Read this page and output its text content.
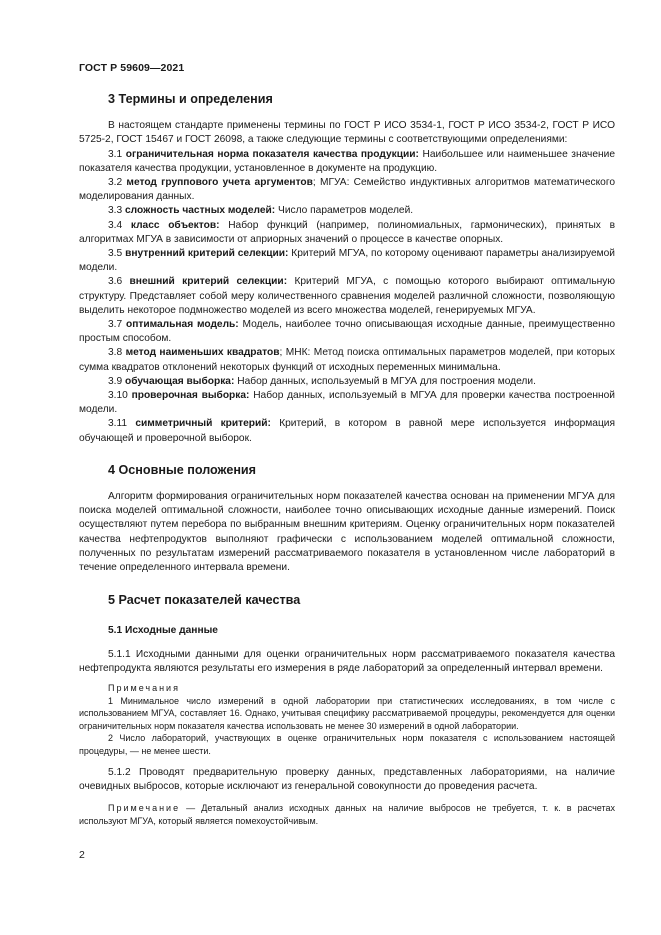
ГОСТ Р 59609—2021
3 Термины и определения

В настоящем стандарте применены термины по ГОСТ Р ИСО 3534-1, ГОСТ Р ИСО 3534-2, ГОСТ Р ИСО 5725-2, ГОСТ 15467 и ГОСТ 26098, а также следующие термины с соответствующими определениями:

3.1 ограничительная норма показателя качества продукции: Наибольшее или наименьшее значение показателя качества продукции, установленное в документе на продукцию.

3.2 метод группового учета аргументов; МГУА: Семейство индуктивных алгоритмов математического моделирования данных.

3.3 сложность частных моделей: Число параметров моделей.

3.4 класс объектов: Набор функций (например, полиномиальных, гармонических), принятых в алгоритмах МГУА в зависимости от априорных значений о процессе в качестве опорных.

3.5 внутренний критерий селекции: Критерий МГУА, по которому оценивают параметры анализируемой модели.

3.6 внешний критерий селекции: Критерий МГУА, с помощью которого выбирают оптимальную структуру. Представляет собой меру количественного сравнения моделей различной сложности, позволяющую выделить некоторое подмножество моделей из всего множества моделей, генерируемых МГУА.

3.7 оптимальная модель: Модель, наиболее точно описывающая исходные данные, преимущественно простым способом.

3.8 метод наименьших квадратов; МНК: Метод поиска оптимальных параметров моделей, при которых сумма квадратов отклонений некоторых функций от исходных переменных минимальна.

3.9 обучающая выборка: Набор данных, используемый в МГУА для построения модели.

3.10 проверочная выборка: Набор данных, используемый в МГУА для проверки качества построенной модели.

3.11 симметричный критерий: Критерий, в котором в равной мере используется информация обучающей и проверочной выборок.

4 Основные положения

Алгоритм формирования ограничительных норм показателей качества основан на применении МГУА для поиска моделей оптимальной сложности, наиболее точно описывающих исходные данные измерений. Поиск осуществляют путем перебора по выбранным внешним критериям. Оценку ограничительных норм показателей качества нефтепродуктов выполняют графически с использованием моделей оптимальной сложности, полученных по результатам измерений рассматриваемого показателя в установленном числе лабораторий в течение определенного интервала времени.

5 Расчет показателей качества
5.1 Исходные данные

5.1.1 Исходными данными для оценки ограничительных норм рассматриваемого показателя качества нефтепродукта являются результаты его измерения в ряде лабораторий за определенный интервал времени.

Примечания

1 Минимальное число измерений в одной лаборатории при статистических исследованиях, в том числе с использованием МГУА, составляет 16. Однако, учитывая специфику рассматриваемой процедуры, рекомендуется для оценки ограничительных норм показателя качества использовать не менее 30 измерений в одной лаборатории.

2 Число лабораторий, участвующих в оценке ограничительных норм показателя с использованием настоящей процедуры, — не менее шести.

5.1.2 Проводят предварительную проверку данных, представленных лабораториями, на наличие очевидных выбросов, которые исключают из генеральной совокупности до проведения расчета.

Примечание — Детальный анализ исходных данных на наличие выбросов не требуется, т. к. в расчетах используют МГУА, который является помехоустойчивым.

2
